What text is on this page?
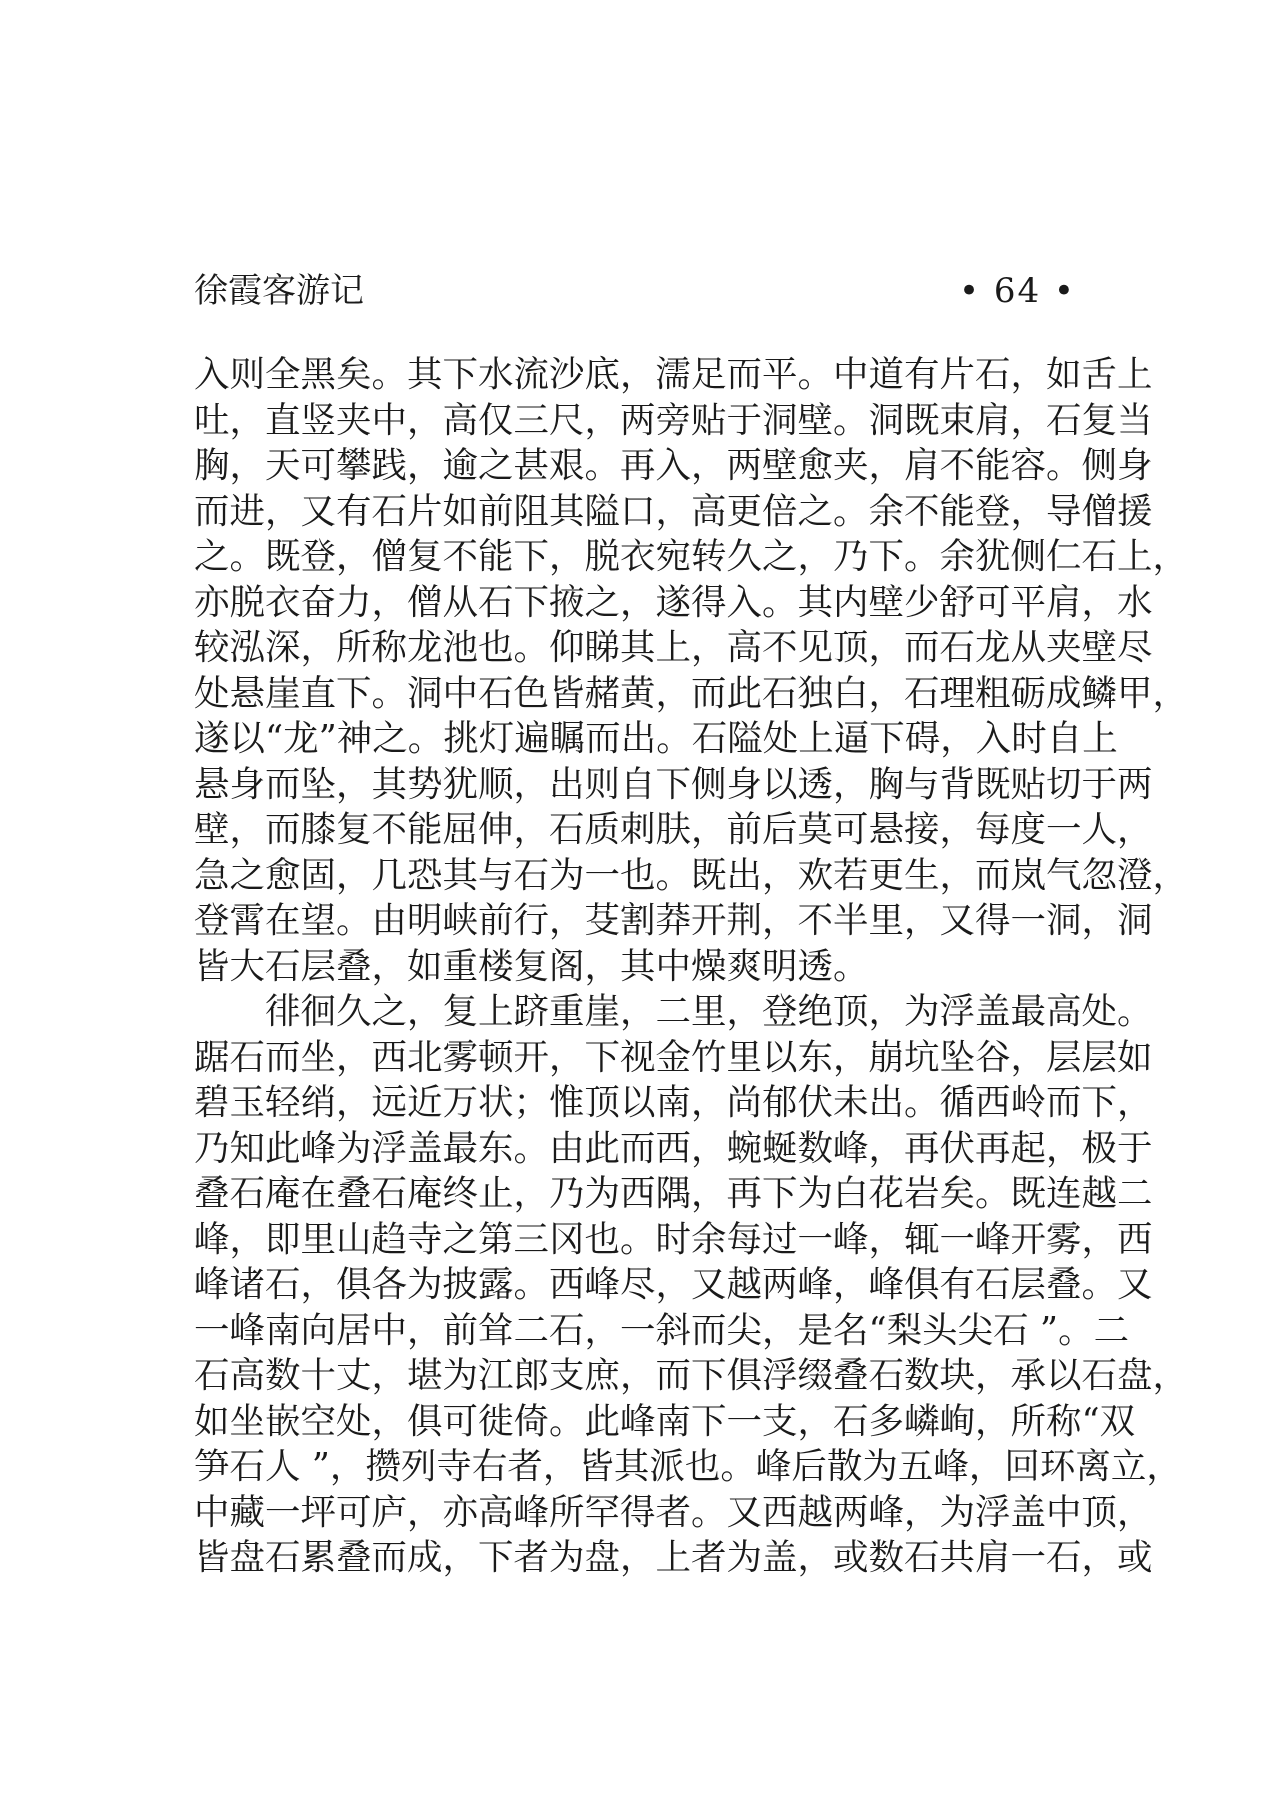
徐霞客游记	• 64 •
入则全黑矣。其下水流沙底，濡足而平。中道有片石，如舌上
吐，直竖夹中，高仅三尺，两旁贴于洞壁。洞既束肩，石复当
胸，天可攀践，逾之甚艰。再入，两壁愈夹，肩不能容。侧身
而进，又有石片如前阻其隘口，高更倍之。余不能登，导僧援
之。既登，僧复不能下，脱衣宛转久之，乃下。余犹侧仁石上，
亦脱衣奋力，僧从石下掖之，遂得入。其内壁少舒可平肩，水
较泓深，所称龙池也。仰睇其上，高不见顶，而石龙从夹壁尽
处悬崖直下。洞中石色皆赭黄，而此石独白，石理粗砺成鳞甲，
遂以“龙”神之。挑灯遍瞩而出。石隘处上逼下碍，入时自上
悬身而坠，其势犹顺，出则自下侧身以透，胸与背既贴切于两
壁，而膝复不能屈伸，石质刺肤，前后莫可悬接，每度一人，
急之愈固，几恐其与石为一也。既出，欢若更生，而岚气忽澄，
登霄在望。由明峡前行，芟割莽开荆，不半里，又得一洞，洞
皆大石层叠，如重楼复阁，其中燥爽明透。
　　徘徊久之，复上跻重崖，二里，登绝顶，为浮盖最高处。
踞石而坐，西北雾顿开，下视金竹里以东，崩坑坠谷，层层如
碧玉轻绡，远近万状；惟顶以南，尚郁伏未出。循西岭而下，
乃知此峰为浮盖最东。由此而西，蜿蜒数峰，再伏再起，极于
叠石庵在叠石庵终止，乃为西隅，再下为白花岩矣。既连越二
峰，即里山趋寺之第三冈也。时余每过一峰，辄一峰开雾，西
峰诸石，俱各为披露。西峰尽，又越两峰，峰俱有石层叠。又
一峰南向居中，前耸二石，一斜而尖，是名“梨头尖石 ”。二
石高数十丈，堪为江郎支庶，而下俱浮缀叠石数块，承以石盘，
如坐嵌空处，俱可徙倚。此峰南下一支，石多嶙峋，所称“双
笋石人 ”，攒列寺右者，皆其派也。峰后散为五峰，回环离立，
中藏一坪可庐，亦高峰所罕得者。又西越两峰，为浮盖中顶，
皆盘石累叠而成，下者为盘，上者为盖，或数石共肩一石，或
